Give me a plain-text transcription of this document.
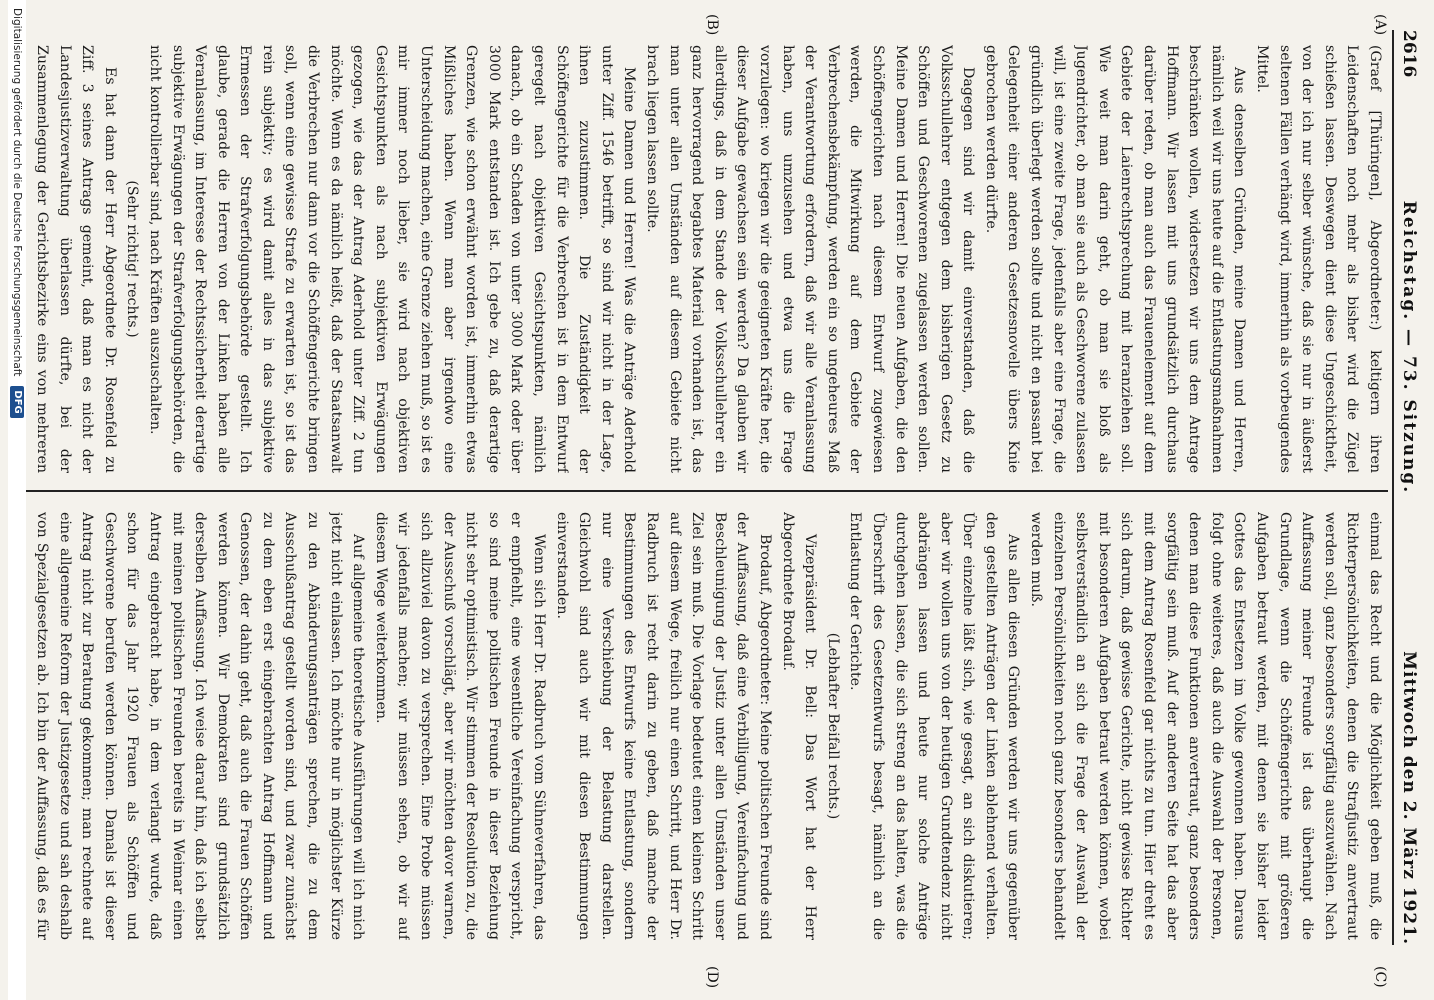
2616
Reichstag. — 73. Sitzung.
Mittwoch den 2. März 1921.
(A)
(B)
(C)
(D)

(Graef [Thüringen], Abgeordneter:) keltigern ihren Leidenschaften noch mehr als bisher wird die Zügel schießen lassen. Deswegen dient diese Ungeschicktheit, von der ich nur selber wünsche, daß sie nur in äußerst seltenen Fällen verhängt wird, immerhin als vorbeugendes Mittel.

Aus denselben Gründen, meine Damen und Herren, nämlich weil wir uns heute auf die Entlastungsmaßnahmen beschränken wollen, widersetzen wir uns dem Antrage Hoffmann. Wir lassen mit uns grundsätzlich durchaus darüber reden, ob man auch das Frauenelement auf dem Gebiete der Laienrechtsprechung mit heranziehen soll. Wie weit man darin geht, ob man sie bloß als Jugendrichter, ob man sie auch als Geschworene zulassen will, ist eine zweite Frage, jedenfalls aber eine Frage, die gründlich überlegt werden sollte und nicht en passant bei Gelegenheit einer anderen Gesetzesnovelle übers Knie gebrochen werden dürfte.

Dagegen sind wir damit einverstanden, daß die Volksschullehrer entgegen dem bisherigen Gesetz zu Schöffen und Geschworenen zugelassen werden sollen. Meine Damen und Herren! Die neuen Aufgaben, die den Schöffengerichten nach diesem Entwurf zugewiesen werden, die Mitwirkung auf dem Gebiete der Verbrechensbekämpfung, werden ein so ungeheures Maß der Verantwortung erfordern, daß wir alle Veranlassung haben, uns umzusehen und etwa uns die Frage vorzulegen: wo kriegen wir die geeigneten Kräfte her, die dieser Aufgabe gewachsen sein werden? Da glauben wir allerdings, daß in dem Stande der Volksschullehrer ein ganz hervorragend begabtes Material vorhanden ist, das man unter allen Umständen auf diesem Gebiete nicht brach liegen lassen sollte.

Meine Damen und Herren! Was die Anträge Aderhold unter Ziff. 1546 betrifft, so sind wir nicht in der Lage, ihnen zuzustimmen. Die Zuständigkeit der Schöffengerichte für die Verbrechen ist in dem Entwurf geregelt nach objektiven Gesichtspunkten, nämlich danach, ob ein Schaden von unter 3000 Mark oder über 3000 Mark entstanden ist. Ich gebe zu, daß derartige Grenzen, wie schon erwähnt worden ist, immerhin etwas Mißliches haben. Wenn man aber irgendwo eine Unterscheidung machen, eine Grenze ziehen muß, so ist es mir immer noch lieber, sie wird nach objektiven Gesichtspunkten als nach subjektiven Erwägungen gezogen, wie das der Antrag Aderhold unter Ziff. 2 tun möchte. Wenn es da nämlich heißt, daß der Staatsanwalt die Verbrechen nur dann vor die Schöffengerichte bringen soll, wenn eine gewisse Strafe zu erwarten ist, so ist das rein subjektiv; es wird damit alles in das subjektive Ermessen der Strafverfolgungsbehörde gestellt. Ich glaube, gerade die Herren von der Linken haben alle Veranlassung, im Interesse der Rechtssicherheit derartige subjektive Erwägungen der Strafverfolgungsbehörden, die nicht kontrollierbar sind, nach Kräften auszuschalten.

(Sehr richtig! rechts.)

Es hat dann der Herr Abgeordnete Dr. Rosenfeld zu Ziff. 3 seines Antrags gemeint, daß man es nicht der Landesjustizverwaltung überlassen dürfte, bei der Zusammenlegung der Gerichtsbezirke eins von mehreren

einmal das Recht und die Möglichkeit geben muß, die Richterpersönlichkeiten, denen die Strafjustiz anvertraut werden soll, ganz besonders sorgfältig auszuwählen. Nach Auffassung meiner Freunde ist das überhaupt die Grundlage, wenn die Schöffengerichte mit größeren Aufgaben betraut werden, mit denen sie bisher leider Gottes das Entsetzen im Volke gewonnen haben. Daraus folgt ohne weiteres, daß auch die Auswahl der Personen, denen man diese Funktionen anvertraut, ganz besonders sorgfältig sein muß. Auf der anderen Seite hat das aber mit dem Antrag Rosenfeld gar nichts zu tun. Hier dreht es sich darum, daß gewisse Gerichte, nicht gewisse Richter mit besonderen Aufgaben betraut werden können, wobei selbstverständlich an sich die Frage der Auswahl der einzelnen Persönlichkeiten noch ganz besonders behandelt werden muß.

Aus allen diesen Gründen werden wir uns gegenüber den gestellten Anträgen der Linken ablehnend verhalten. Über einzelne läßt sich, wie gesagt, an sich diskutieren; aber wir wollen uns von der heutigen Grundtendenz nicht abdrängen lassen und heute nur solche Anträge durchgehen lassen, die sich streng an das halten, was die Überschrift des Gesetzentwurfs besagt, nämlich an die Entlastung der Gerichte.

(Lebhafter Beifall rechts.)

Vizepräsident Dr. Bell: Das Wort hat der Herr Abgeordnete Brodauf.

Brodauf, Abgeordneter: Meine politischen Freunde sind der Auffassung, daß eine Verbilligung, Vereinfachung und Beschleunigung der Justiz unter allen Umständen unser Ziel sein muß. Die Vorlage bedeutet einen kleinen Schritt auf diesem Wege, freilich nur einen Schritt, und Herr Dr. Radbruch ist recht darin zu geben, daß manche der Bestimmungen des Entwurfs keine Entlastung, sondern nur eine Verschiebung der Belastung darstellen. Gleichwohl sind auch wir mit diesen Bestimmungen einverstanden.

Wenn sich Herr Dr. Radbruch vom Sühneverfahren, das er empfiehlt, eine wesentliche Vereinfachung verspricht, so sind meine politischen Freunde in dieser Beziehung nicht sehr optimistisch. Wir stimmen der Resolution zu, die der Ausschuß vorschlägt, aber wir möchten davor warnen, sich allzuviel davon zu versprechen. Eine Probe müssen wir jedenfalls machen; wir müssen sehen, ob wir auf diesem Wege weiterkommen.

Auf allgemeine theoretische Ausführungen will ich mich jetzt nicht einlassen. Ich möchte nur in möglichster Kürze zu den Abänderungsanträgen sprechen, die zu dem Ausschußantrag gestellt worden sind, und zwar zunächst zu dem eben erst eingebrachten Antrag Hoffmann und Genossen, der dahin geht, daß auch die Frauen Schöffen werden können. Wir Demokraten sind grundsätzlich derselben Auffassung. Ich weise darauf hin, daß ich selbst mit meinen politischen Freunden bereits in Weimar einen Antrag eingebracht habe, in dem verlangt wurde, daß schon für das Jahr 1920 Frauen als Schöffen und Geschworene berufen werden können. Damals ist dieser Antrag nicht zur Beratung gekommen; man rechnete auf eine allgemeine Reform der Justizgesetze und sah deshalb von Spezialgesetzen ab. Ich bin der Auffassung, daß es für

Digitalisierung gefördert durch die Deutsche Forschungsgemeinschaft
DFG
